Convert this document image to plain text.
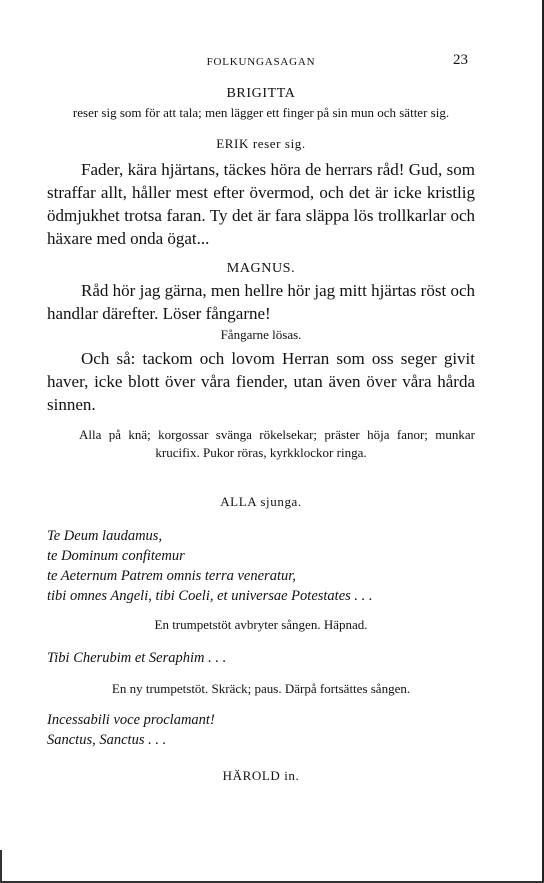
FOLKUNGASAGAN	23

BRIGITTA

reser sig som för att tala; men lägger ett finger på sin mun och sätter sig.

ERIK reser sig.

Fader, kära hjärtans, täckes höra de herrars råd! Gud, som straffar allt, håller mest efter övermod, och det är icke kristlig ödmjukhet trotsa faran. Ty det är fara släppa lös trollkarlar och häxare med onda ögat...

MAGNUS.

Råd hör jag gärna, men hellre hör jag mitt hjärtas röst och handlar därefter. Löser fångarne!

Fångarne lösas.

Och så: tackom och lovom Herran som oss seger givit haver, icke blott över våra fiender, utan även över våra hårda sinnen.

Alla på knä; korgossar svänga rökelsekar; präster höja fanor; munkar krucifix. Pukor röras, kyrkklockor ringa.

ALLA sjunga.

Te Deum laudamus,

te Dominum confitemur

te Aeternum Patrem omnis terra veneratur,

tibi omnes Angeli, tibi Coeli, et universae Potestates . . .

En trumpetstöt avbryter sången. Häpnad.

Tibi Cherubim et Seraphim . . .

En ny trumpetstöt. Skräck; paus. Därpå fortsättes sången.

Incessabili voce proclamant!

Sanctus, Sanctus . . .

HÄROLD in.
